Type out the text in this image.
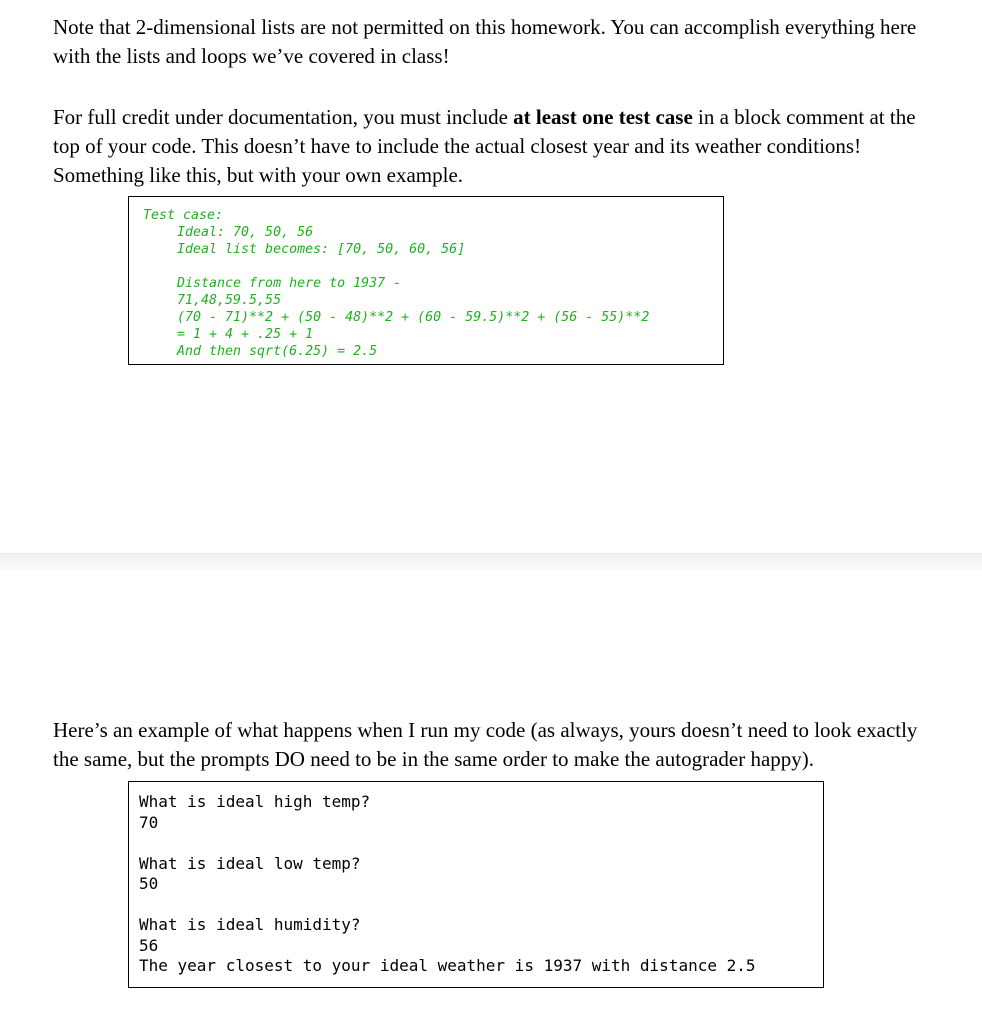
Note that 2-dimensional lists are not permitted on this homework. You can accomplish everything here
with the lists and loops we’ve covered in class!

For full credit under documentation, you must include at least one test case in a block comment at the
top of your code. This doesn’t have to include the actual closest year and its weather conditions!
Something like this, but with your own example.

Test case:
Ideal: 70, 50, 56
Ideal list becomes: [70, 50, 60, 56]
Distance from here to 1937 -
71,48,59.5,55
(70 - 71)**2 + (50 - 48)**2 + (60 - 59.5)**2 + (56 - 55)**2
= 1 + 4 + .25 + 1
And then sqrt(6.25) = 2.5

Here’s an example of what happens when I run my code (as always, yours doesn’t need to look exactly
the same, but the prompts DO need to be in the same order to make the autograder happy).

What is ideal high temp?
70
What is ideal low temp?
50
What is ideal humidity?
56
The year closest to your ideal weather is 1937 with distance 2.5
